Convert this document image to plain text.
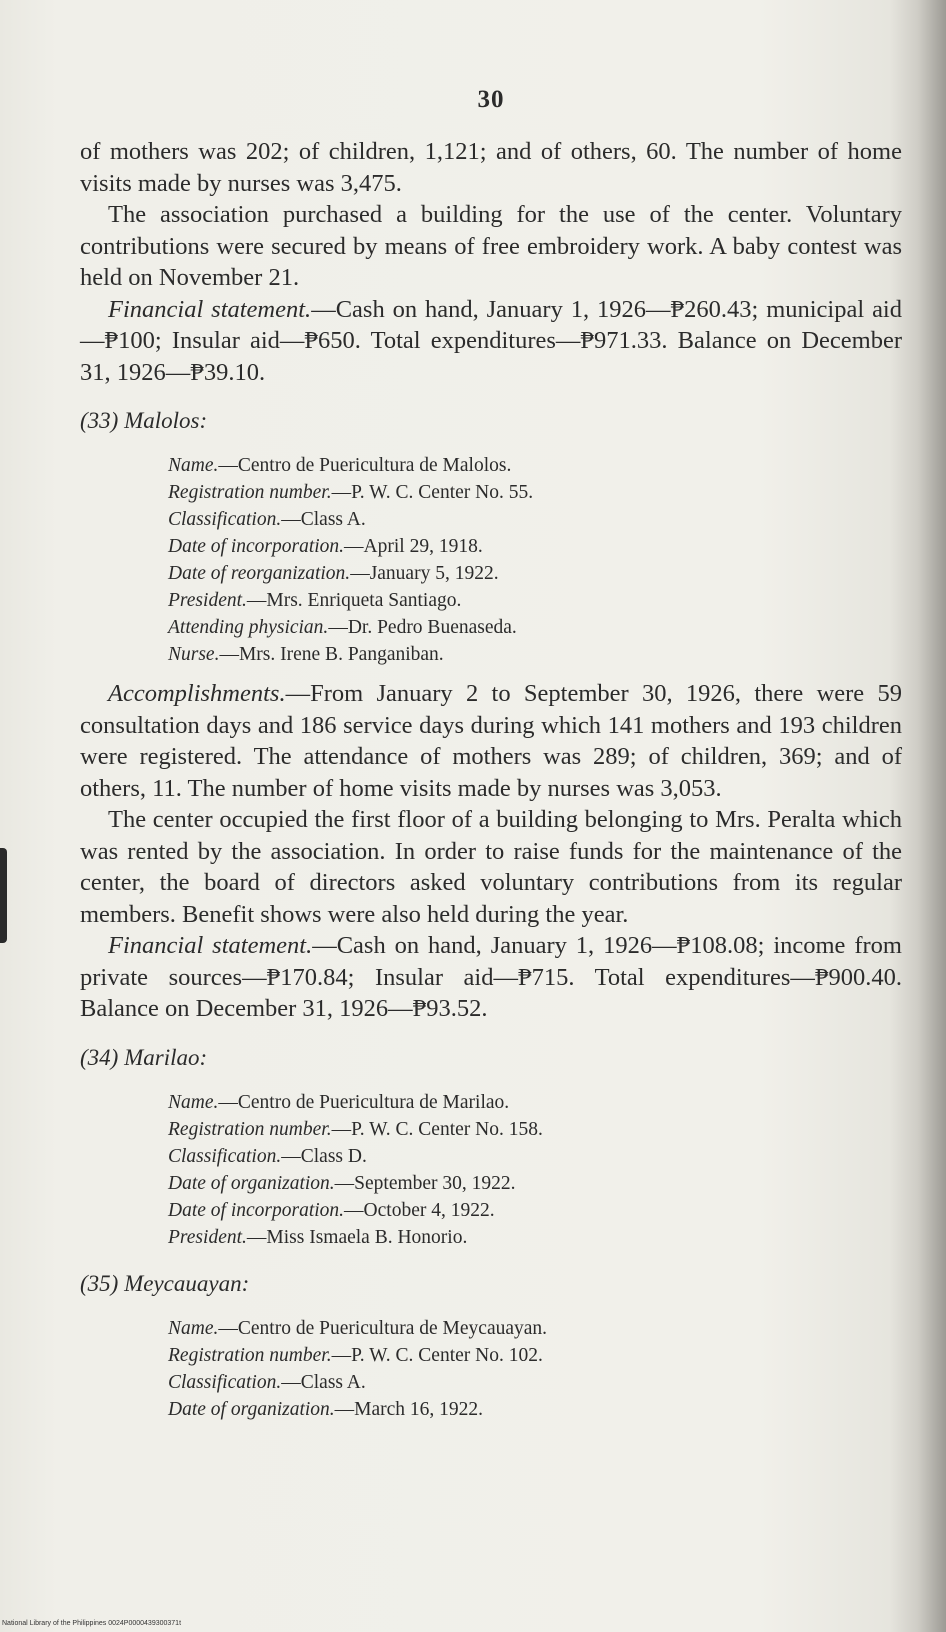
30

of mothers was 202; of children, 1,121; and of others, 60. The number of home visits made by nurses was 3,475.

The association purchased a building for the use of the center. Voluntary contributions were secured by means of free embroidery work. A baby contest was held on November 21.

Financial statement.—Cash on hand, January 1, 1926—₱260.43; municipal aid—₱100; Insular aid—₱650. Total expenditures—₱971.33. Balance on December 31, 1926—₱39.10.

(33) Malolos:
Name.—Centro de Puericultura de Malolos.
Registration number.—P. W. C. Center No. 55.
Classification.—Class A.
Date of incorporation.—April 29, 1918.
Date of reorganization.—January 5, 1922.
President.—Mrs. Enriqueta Santiago.
Attending physician.—Dr. Pedro Buenaseda.
Nurse.—Mrs. Irene B. Panganiban.

Accomplishments.—From January 2 to September 30, 1926, there were 59 consultation days and 186 service days during which 141 mothers and 193 children were registered. The attendance of mothers was 289; of children, 369; and of others, 11. The number of home visits made by nurses was 3,053.

The center occupied the first floor of a building belonging to Mrs. Peralta which was rented by the association. In order to raise funds for the maintenance of the center, the board of directors asked voluntary contributions from its regular members. Benefit shows were also held during the year.

Financial statement.—Cash on hand, January 1, 1926—₱108.08; income from private sources—₱170.84; Insular aid—₱715. Total expenditures—₱900.40. Balance on December 31, 1926—₱93.52.

(34) Marilao:
Name.—Centro de Puericultura de Marilao.
Registration number.—P. W. C. Center No. 158.
Classification.—Class D.
Date of organization.—September 30, 1922.
Date of incorporation.—October 4, 1922.
President.—Miss Ismaela B. Honorio.
(35) Meycauayan:
Name.—Centro de Puericultura de Meycauayan.
Registration number.—P. W. C. Center No. 102.
Classification.—Class A.
Date of organization.—March 16, 1922.
National Library of the Philippines 0024P0000439300371t
